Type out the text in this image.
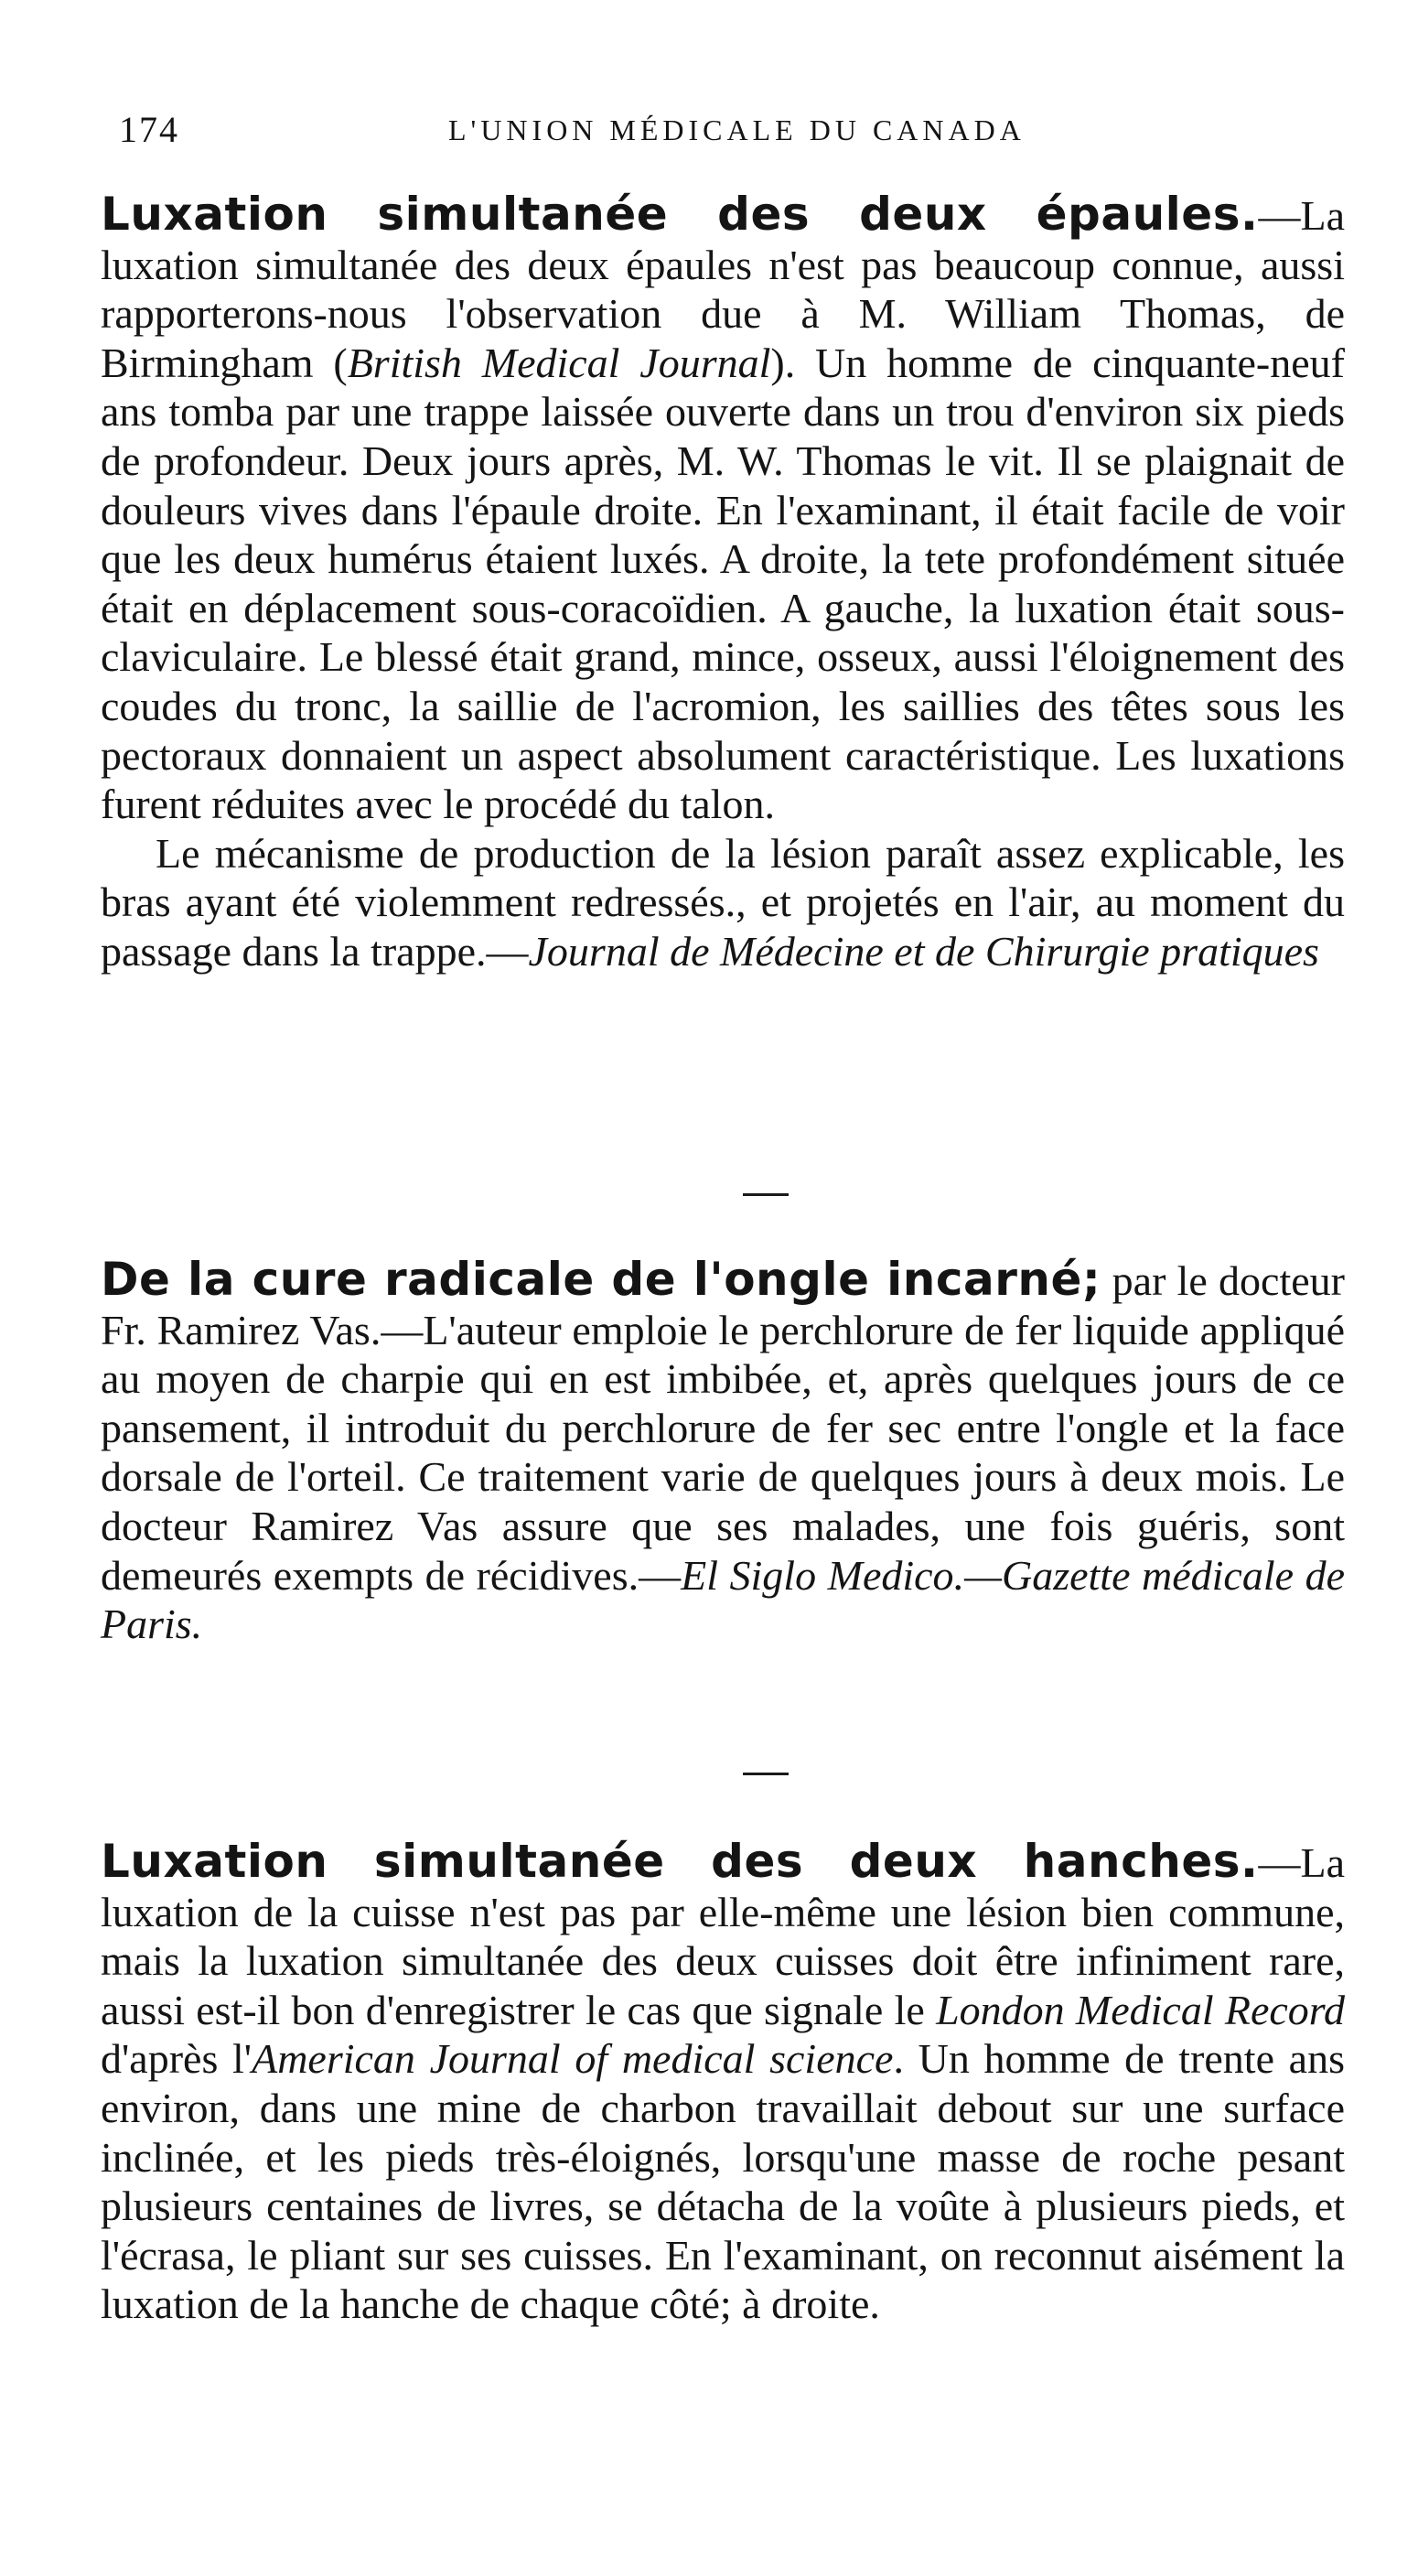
174	L'UNION MÉDICALE DU CANADA

Luxation simultanée des deux épaules.—La luxation simultanée des deux épaules n'est pas beaucoup connue, aussi rapporterons-nous l'observation due à M. William Thomas, de Birmingham (British Medical Journal). Un homme de cinquante-neuf ans tomba par une trappe laissée ouverte dans un trou d'environ six pieds de profondeur. Deux jours après, M. W. Thomas le vit. Il se plaignait de douleurs vives dans l'épaule droite. En l'examinant, il était facile de voir que les deux humérus étaient luxés. A droite, la tete profondément située était en déplacement sous-coracoïdien. A gauche, la luxation était sous-claviculaire. Le blessé était grand, mince, osseux, aussi l'éloignement des coudes du tronc, la saillie de l'acromion, les saillies des têtes sous les pectoraux donnaient un aspect absolument caractéristique. Les luxations furent réduites avec le procédé du talon.

Le mécanisme de production de la lésion paraît assez explicable, les bras ayant été violemment redressés., et projetés en l'air, au moment du passage dans la trappe.—Journal de Médecine et de Chirurgie pratiques

De la cure radicale de l'ongle incarné; par le docteur Fr. Ramirez Vas.—L'auteur emploie le perchlorure de fer liquide appliqué au moyen de charpie qui en est imbibée, et, après quelques jours de ce pansement, il introduit du perchlorure de fer sec entre l'ongle et la face dorsale de l'orteil. Ce traitement varie de quelques jours à deux mois. Le docteur Ramirez Vas assure que ses malades, une fois guéris, sont demeurés exempts de récidives.—El Siglo Medico.—Gazette médicale de Paris.

Luxation simultanée des deux hanches.—La luxation de la cuisse n'est pas par elle-même une lésion bien commune, mais la luxation simultanée des deux cuisses doit être infiniment rare, aussi est-il bon d'enregistrer le cas que signale le London Medical Record d'après l'American Journal of medical science. Un homme de trente ans environ, dans une mine de charbon travaillait debout sur une surface inclinée, et les pieds très-éloignés, lorsqu'une masse de roche pesant plusieurs centaines de livres, se détacha de la voûte à plusieurs pieds, et l'écrasa, le pliant sur ses cuisses. En l'examinant, on reconnut aisément la luxation de la hanche de chaque côté; à droite.
